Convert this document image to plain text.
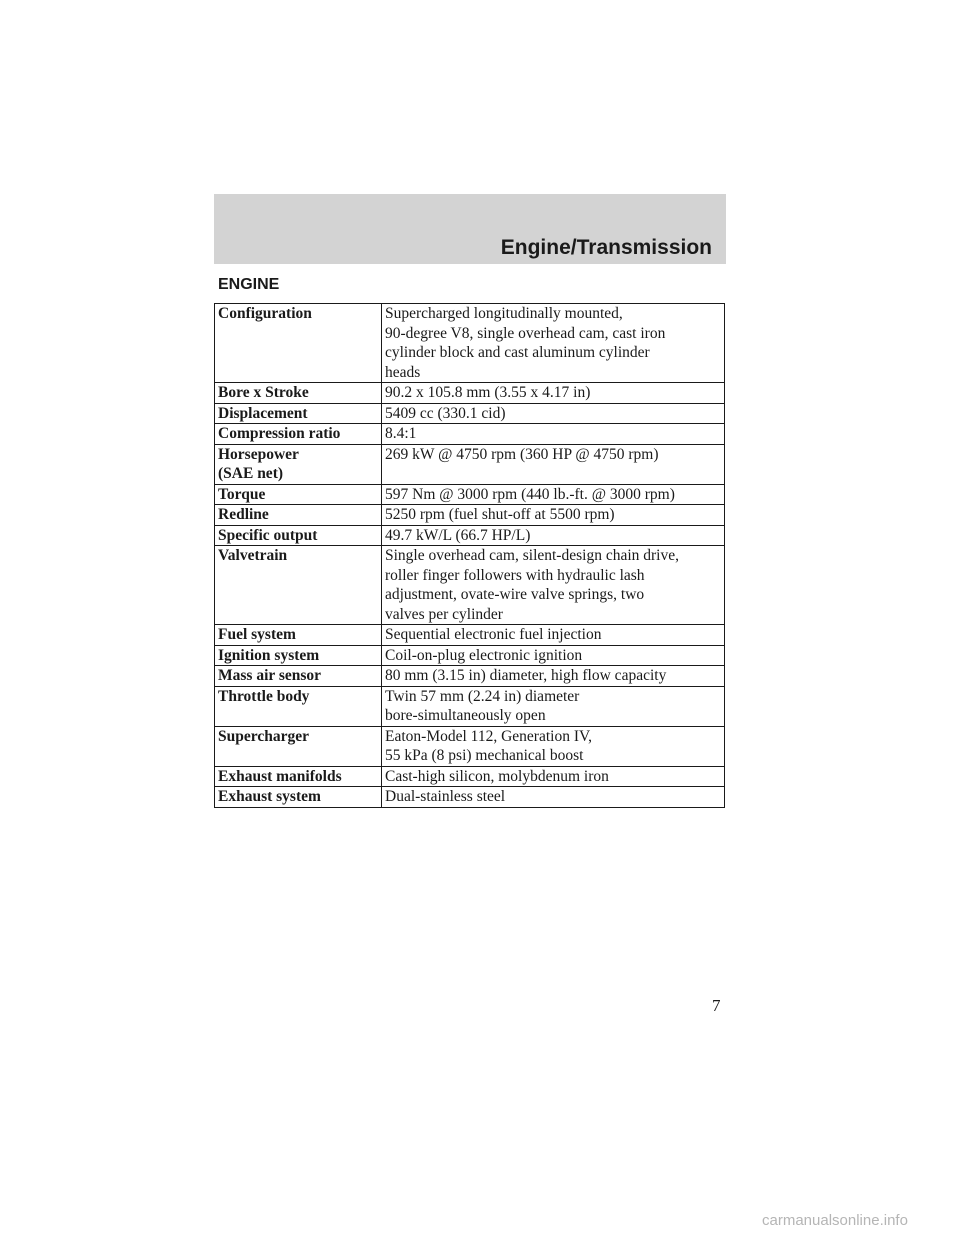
Engine/Transmission
ENGINE
Configuration	Supercharged longitudinally mounted,
90-degree V8, single overhead cam, cast iron
cylinder block and cast aluminum cylinder
heads
Bore x Stroke	90.2 x 105.8 mm (3.55 x 4.17 in)
Displacement	5409 cc (330.1 cid)
Compression ratio	8.4:1
Horsepower
(SAE net)	269 kW @ 4750 rpm (360 HP @ 4750 rpm)
Torque	597 Nm @ 3000 rpm (440 lb.-ft. @ 3000 rpm)
Redline	5250 rpm (fuel shut-off at 5500 rpm)
Specific output	49.7 kW/L (66.7 HP/L)
Valvetrain	Single overhead cam, silent-design chain drive,
roller finger followers with hydraulic lash
adjustment, ovate-wire valve springs, two
valves per cylinder
Fuel system	Sequential electronic fuel injection
Ignition system	Coil-on-plug electronic ignition
Mass air sensor	80 mm (3.15 in) diameter, high flow capacity
Throttle body	Twin 57 mm (2.24 in) diameter
bore-simultaneously open
Supercharger	Eaton-Model 112, Generation IV,
55 kPa (8 psi) mechanical boost
Exhaust manifolds	Cast-high silicon, molybdenum iron
Exhaust system	Dual-stainless steel
7
carmanualsonline.info
